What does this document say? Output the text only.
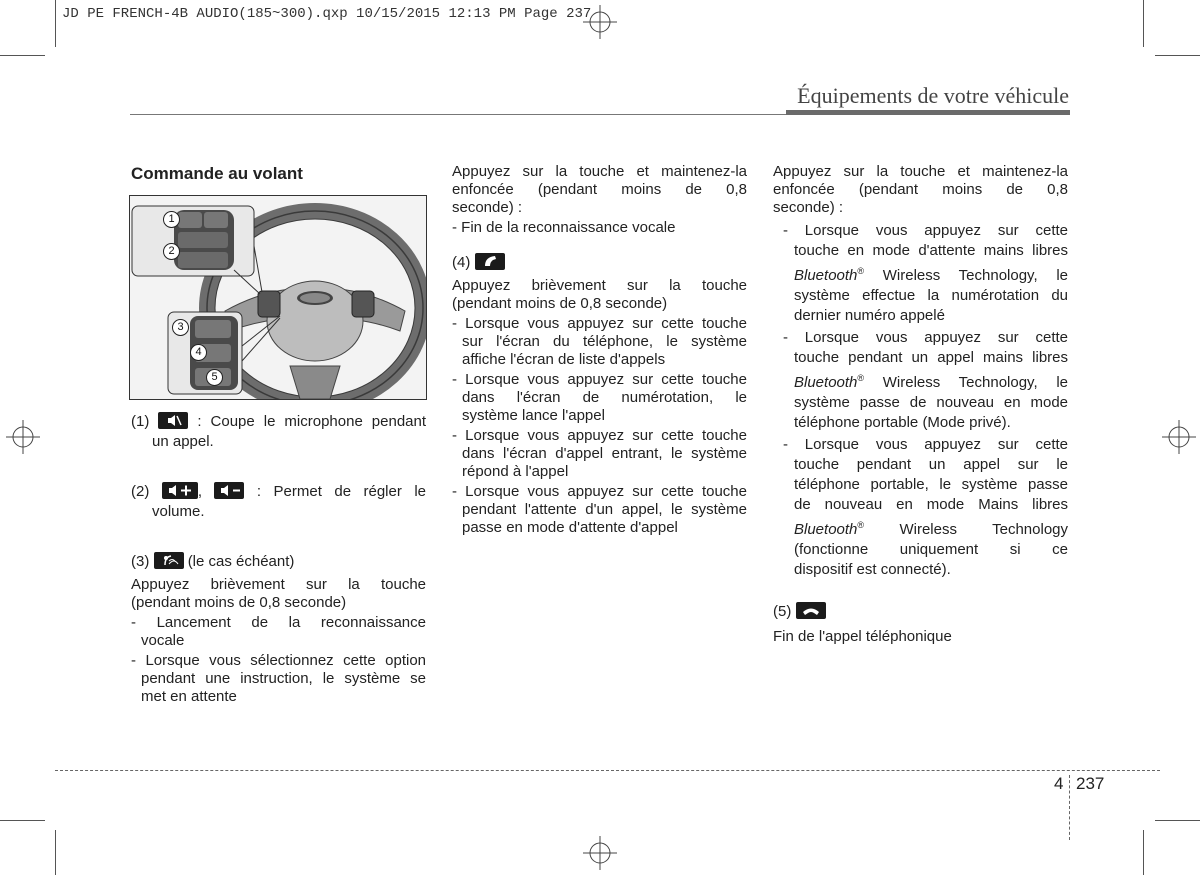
JD PE FRENCH-4B AUDIO(185~300).qxp 10/15/2015 12:13 PM Page 237
Équipements de votre véhicule
Commande au volant
1
2
3
4
5

(1)	: Coupe le microphone pendant

un appel.

(2)	,	: Permet de régler le

volume.

(3)	(le cas échéant)

Appuyez brièvement sur la touche

(pendant moins de 0,8 seconde)

- Lancement de la reconnaissance

vocale

- Lorsque vous sélectionnez cette option

pendant une instruction, le système se

met en attente

Appuyez sur la touche et maintenez-la

enfoncée (pendant moins de 0,8

seconde) :

- Fin de la reconnaissance vocale

(4)

Appuyez brièvement sur la touche

(pendant moins de 0,8 seconde)

- Lorsque vous appuyez sur cette touche

sur l'écran du téléphone, le système

affiche l'écran de liste d'appels

- Lorsque vous appuyez sur cette touche

dans l'écran de numérotation, le

système lance l'appel

- Lorsque vous appuyez sur cette touche

dans l'écran d'appel entrant, le système

répond à l'appel

- Lorsque vous appuyez sur cette touche

pendant l'attente d'un appel, le système

passe en mode d'attente d'appel

Appuyez sur la touche et maintenez-la

enfoncée (pendant moins de 0,8

seconde) :

- Lorsque vous appuyez sur cette

touche en mode d'attente mains libres

Bluetooth® Wireless Technology, le

système effectue la numérotation du

dernier numéro appelé

- Lorsque vous appuyez sur cette

touche pendant un appel mains libres

Bluetooth® Wireless Technology, le

système passe de nouveau en mode

téléphone portable (Mode privé).

- Lorsque vous appuyez sur cette

touche pendant un appel sur le

téléphone portable, le système passe

de nouveau en mode Mains libres

Bluetooth® Wireless Technology

(fonctionne uniquement si ce

dispositif est connecté).

(5)

Fin de l'appel téléphonique

4 237
